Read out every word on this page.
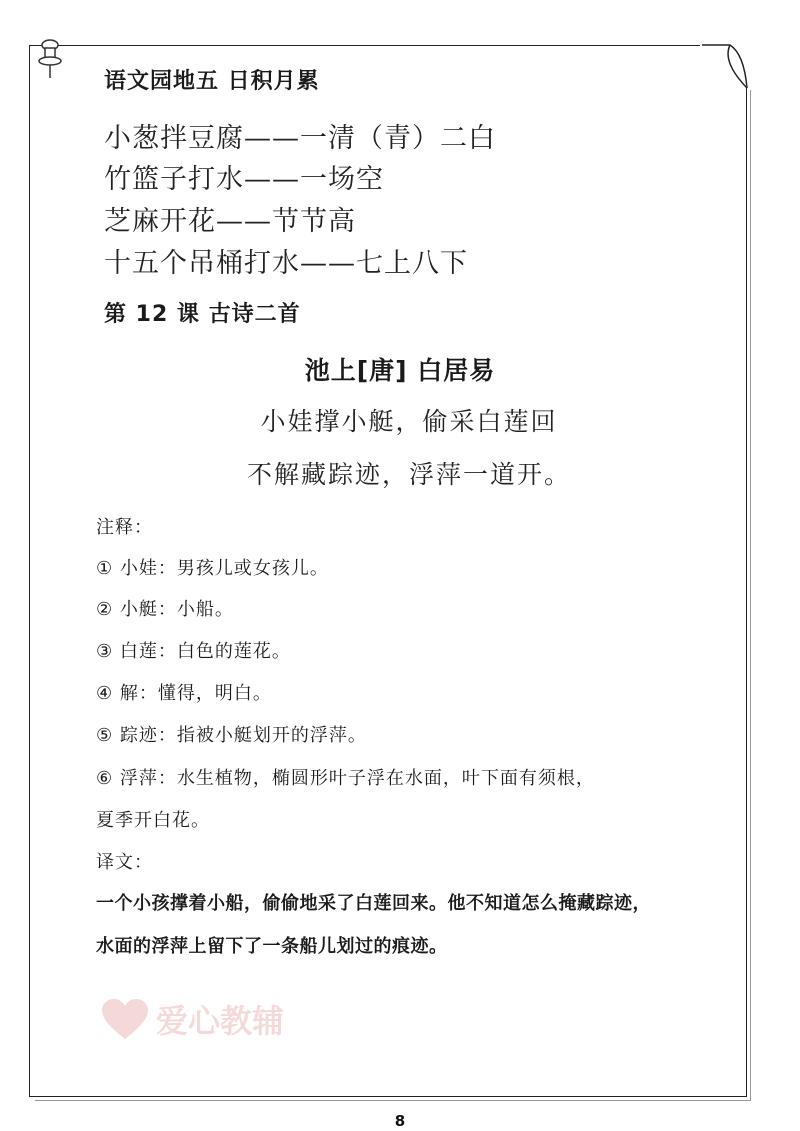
语文园地五 日积月累
小葱拌豆腐——一清（青）二白
竹篮子打水——一场空
芝麻开花——节节高
十五个吊桶打水——七上八下
第 12 课 古诗二首
池上[唐] 白居易
小娃撑小艇，偷采白莲回
不解藏踪迹，浮萍一道开。
注释：
① 小娃：男孩儿或女孩儿。
② 小艇：小船。
③ 白莲：白色的莲花。
④ 解：懂得，明白。
⑤ 踪迹：指被小艇划开的浮萍。
⑥ 浮萍：水生植物，椭圆形叶子浮在水面，叶下面有须根，
夏季开白花。
译文：
一个小孩撑着小船，偷偷地采了白莲回来。他不知道怎么掩藏踪迹，
水面的浮萍上留下了一条船儿划过的痕迹。
爱心教辅
8
